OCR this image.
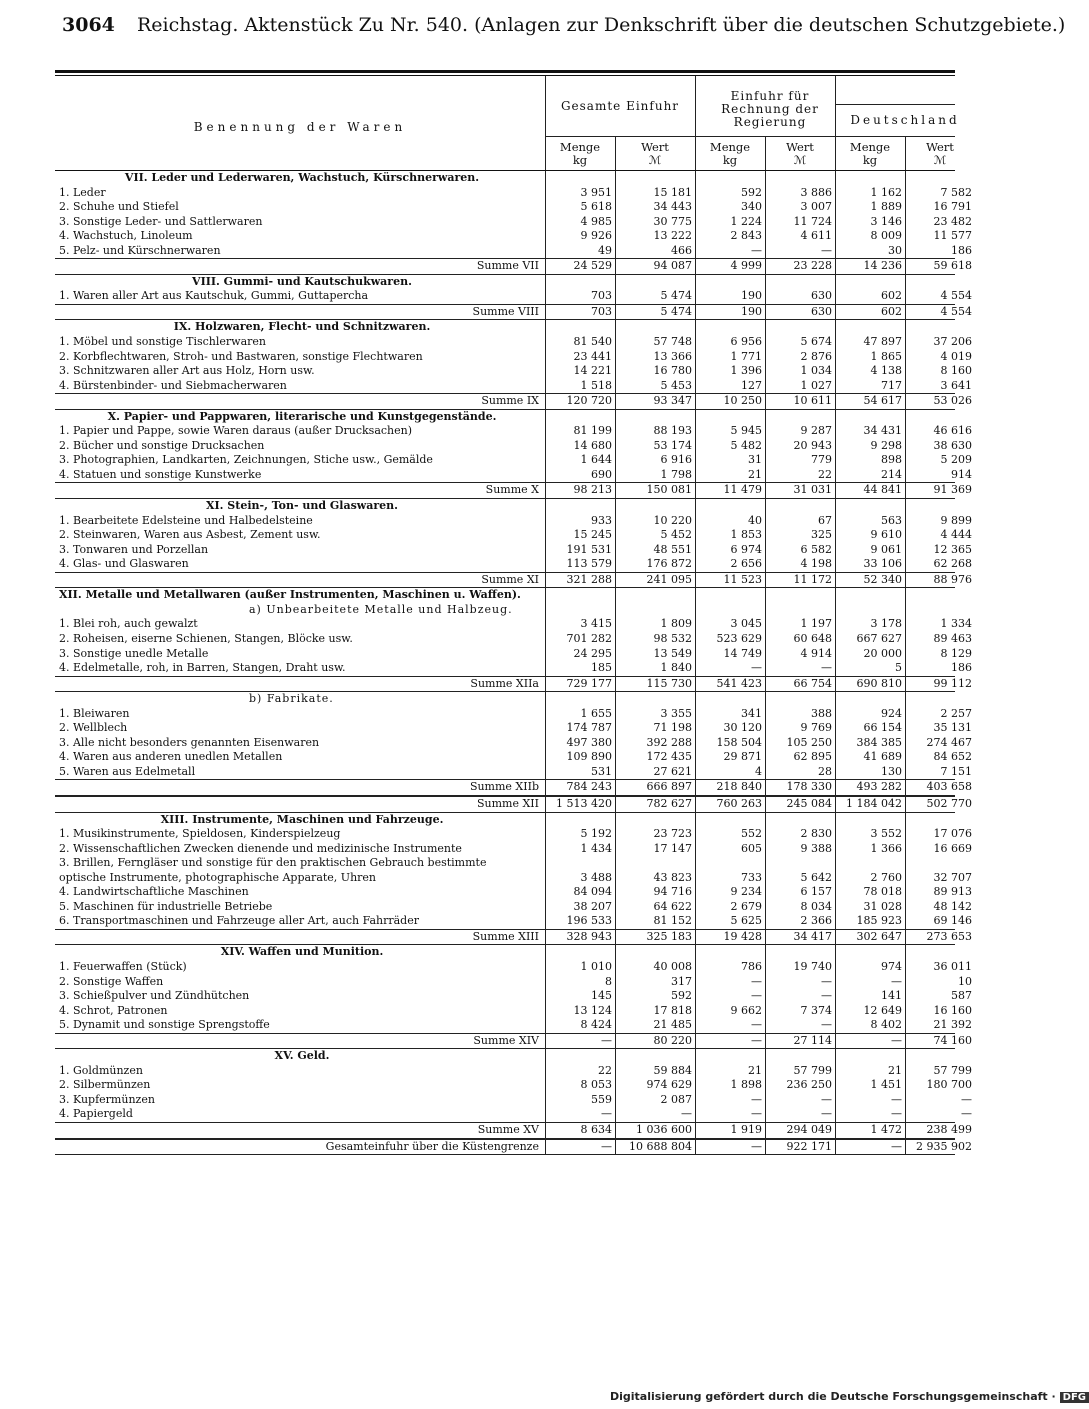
3064 Reichstag. Aktenstück Zu Nr. 540. (Anlagen zur Denkschrift über die deutschen Schutzgebiete.)
Benennung der Waren
Gesamte Einfuhr
Einfuhr für Rechnung der Regierung	Deutschland
Menge
kg
Wert
ℳ
Menge
kg
Wert
ℳ
Menge
kg
Wert
ℳ
VII. Leder und Lederwaren, Wachstuch, Kürschnerwaren.
1. Leder	3 951	15 181	592	3 886	1 162	7 582
2. Schuhe und Stiefel	5 618	34 443	340	3 007	1 889	16 791
3. Sonstige Leder- und Sattlerwaren	4 985	30 775	1 224	11 724	3 146	23 482
4. Wachstuch, Linoleum	9 926	13 222	2 843	4 611	8 009	11 577
5. Pelz- und Kürschnerwaren	49	466	—	—	30	186
Summe VII	24 529	94 087	4 999	23 228	14 236	59 618
VIII. Gummi- und Kautschukwaren.
1. Waren aller Art aus Kautschuk, Gummi, Guttapercha	703	5 474	190	630	602	4 554
Summe VIII	703	5 474	190	630	602	4 554
IX. Holzwaren, Flecht- und Schnitzwaren.
1. Möbel und sonstige Tischlerwaren	81 540	57 748	6 956	5 674	47 897	37 206
2. Korbflechtwaren, Stroh- und Bastwaren, sonstige Flechtwaren	23 441	13 366	1 771	2 876	1 865	4 019
3. Schnitzwaren aller Art aus Holz, Horn usw.	14 221	16 780	1 396	1 034	4 138	8 160
4. Bürstenbinder- und Siebmacherwaren	1 518	5 453	127	1 027	717	3 641
Summe IX	120 720	93 347	10 250	10 611	54 617	53 026
X. Papier- und Pappwaren, literarische und Kunstgegenstände.
1. Papier und Pappe, sowie Waren daraus (außer Drucksachen)	81 199	88 193	5 945	9 287	34 431	46 616
2. Bücher und sonstige Drucksachen	14 680	53 174	5 482	20 943	9 298	38 630
3. Photographien, Landkarten, Zeichnungen, Stiche usw., Gemälde	1 644	6 916	31	779	898	5 209
4. Statuen und sonstige Kunstwerke	690	1 798	21	22	214	914
Summe X	98 213	150 081	11 479	31 031	44 841	91 369
XI. Stein-, Ton- und Glaswaren.
1. Bearbeitete Edelsteine und Halbedelsteine	933	10 220	40	67	563	9 899
2. Steinwaren, Waren aus Asbest, Zement usw.	15 245	5 452	1 853	325	9 610	4 444
3. Tonwaren und Porzellan	191 531	48 551	6 974	6 582	9 061	12 365
4. Glas- und Glaswaren	113 579	176 872	2 656	4 198	33 106	62 268
Summe XI	321 288	241 095	11 523	11 172	52 340	88 976
XII. Metalle und Metallwaren (außer Instrumenten, Maschinen u. Waffen).
a) Unbearbeitete Metalle und Halbzeug.
1. Blei roh, auch gewalzt	3 415	1 809	3 045	1 197	3 178	1 334
2. Roheisen, eiserne Schienen, Stangen, Blöcke usw.	701 282	98 532	523 629	60 648	667 627	89 463
3. Sonstige unedle Metalle	24 295	13 549	14 749	4 914	20 000	8 129
4. Edelmetalle, roh, in Barren, Stangen, Draht usw.	185	1 840	—	—	5	186
Summe XIIa	729 177	115 730	541 423	66 754	690 810	99 112
b) Fabrikate.
1. Bleiwaren	1 655	3 355	341	388	924	2 257
2. Wellblech	174 787	71 198	30 120	9 769	66 154	35 131
3. Alle nicht besonders genannten Eisenwaren	497 380	392 288	158 504	105 250	384 385	274 467
4. Waren aus anderen unedlen Metallen	109 890	172 435	29 871	62 895	41 689	84 652
5. Waren aus Edelmetall	531	27 621	4	28	130	7 151
Summe XIIb	784 243	666 897	218 840	178 330	493 282	403 658
Summe XII	1 513 420	782 627	760 263	245 084	1 184 042	502 770
XIII. Instrumente, Maschinen und Fahrzeuge.
1. Musikinstrumente, Spieldosen, Kinderspielzeug	5 192	23 723	552	2 830	3 552	17 076
2. Wissenschaftlichen Zwecken dienende und medizinische Instrumente	1 434	17 147	605	9 388	1 366	16 669
3. Brillen, Ferngläser und sonstige für den praktischen Gebrauch bestimmte
optische Instrumente, photographische Apparate, Uhren	3 488	43 823	733	5 642	2 760	32 707
4. Landwirtschaftliche Maschinen	84 094	94 716	9 234	6 157	78 018	89 913
5. Maschinen für industrielle Betriebe	38 207	64 622	2 679	8 034	31 028	48 142
6. Transportmaschinen und Fahrzeuge aller Art, auch Fahrräder	196 533	81 152	5 625	2 366	185 923	69 146
Summe XIII	328 943	325 183	19 428	34 417	302 647	273 653
XIV. Waffen und Munition.
1. Feuerwaffen (Stück)	1 010	40 008	786	19 740	974	36 011
2. Sonstige Waffen	8	317	—	—	—	10
3. Schießpulver und Zündhütchen	145	592	—	—	141	587
4. Schrot, Patronen	13 124	17 818	9 662	7 374	12 649	16 160
5. Dynamit und sonstige Sprengstoffe	8 424	21 485	—	—	8 402	21 392
Summe XIV	—	80 220	—	27 114	—	74 160
XV. Geld.
1. Goldmünzen	22	59 884	21	57 799	21	57 799
2. Silbermünzen	8 053	974 629	1 898	236 250	1 451	180 700
3. Kupfermünzen	559	2 087	—	—	—	—
4. Papiergeld	—	—	—	—	—	—
Summe XV	8 634	1 036 600	1 919	294 049	1 472	238 499
Gesamteinfuhr über die Küstengrenze	—	10 688 804	—	922 171	—	2 935 902
Digitalisierung gefördert durch die Deutsche Forschungsgemeinschaft · DFG
